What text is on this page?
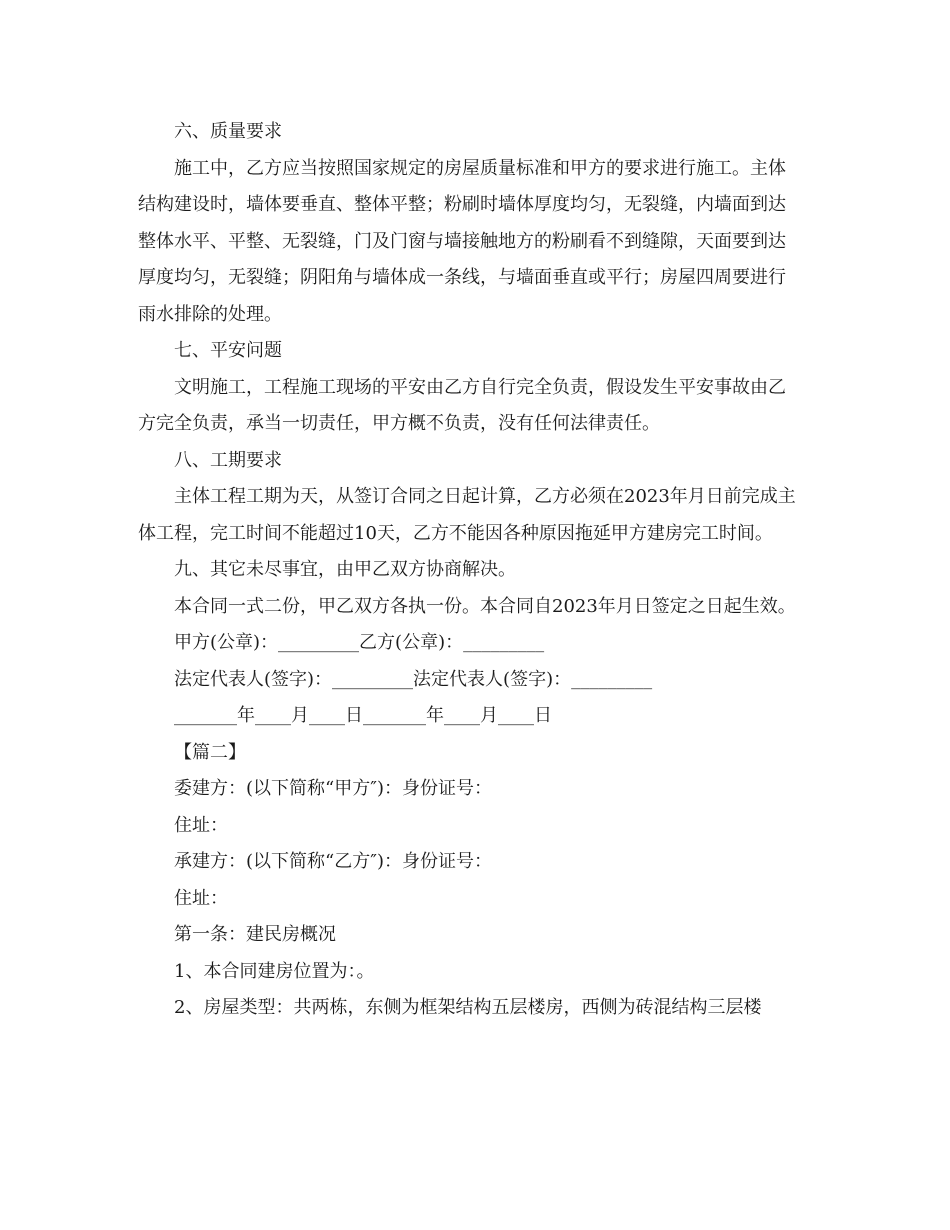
六、质量要求

施工中，乙方应当按照国家规定的房屋质量标准和甲方的要求进行施工。主体结构建设时，墙体要垂直、整体平整；粉刷时墙体厚度均匀，无裂缝，内墙面到达整体水平、平整、无裂缝，门及门窗与墙接触地方的粉刷看不到缝隙，天面要到达厚度均匀，无裂缝；阴阳角与墙体成一条线，与墙面垂直或平行；房屋四周要进行雨水排除的处理。

七、平安问题

文明施工，工程施工现场的平安由乙方自行完全负责，假设发生平安事故由乙方完全负责，承当一切责任，甲方概不负责，没有任何法律责任。

八、工期要求

主体工程工期为天，从签订合同之日起计算，乙方必须在2023年月日前完成主体工程，完工时间不能超过10天，乙方不能因各种原因拖延甲方建房完工时间。

九、其它未尽事宜，由甲乙双方协商解决。

本合同一式二份，甲乙双方各执一份。本合同自2023年月日签定之日起生效。

甲方(公章)：_________乙方(公章)：_________

法定代表人(签字)：_________法定代表人(签字)：_________

_______年____月____日_______年____月____日

【篇二】

委建方：(以下简称“甲方″)：身份证号：

住址：

承建方：(以下简称“乙方″)：身份证号：

住址：

第一条：建民房概况

1、本合同建房位置为：。

2、房屋类型：共两栋，东侧为框架结构五层楼房，西侧为砖混结构三层楼
